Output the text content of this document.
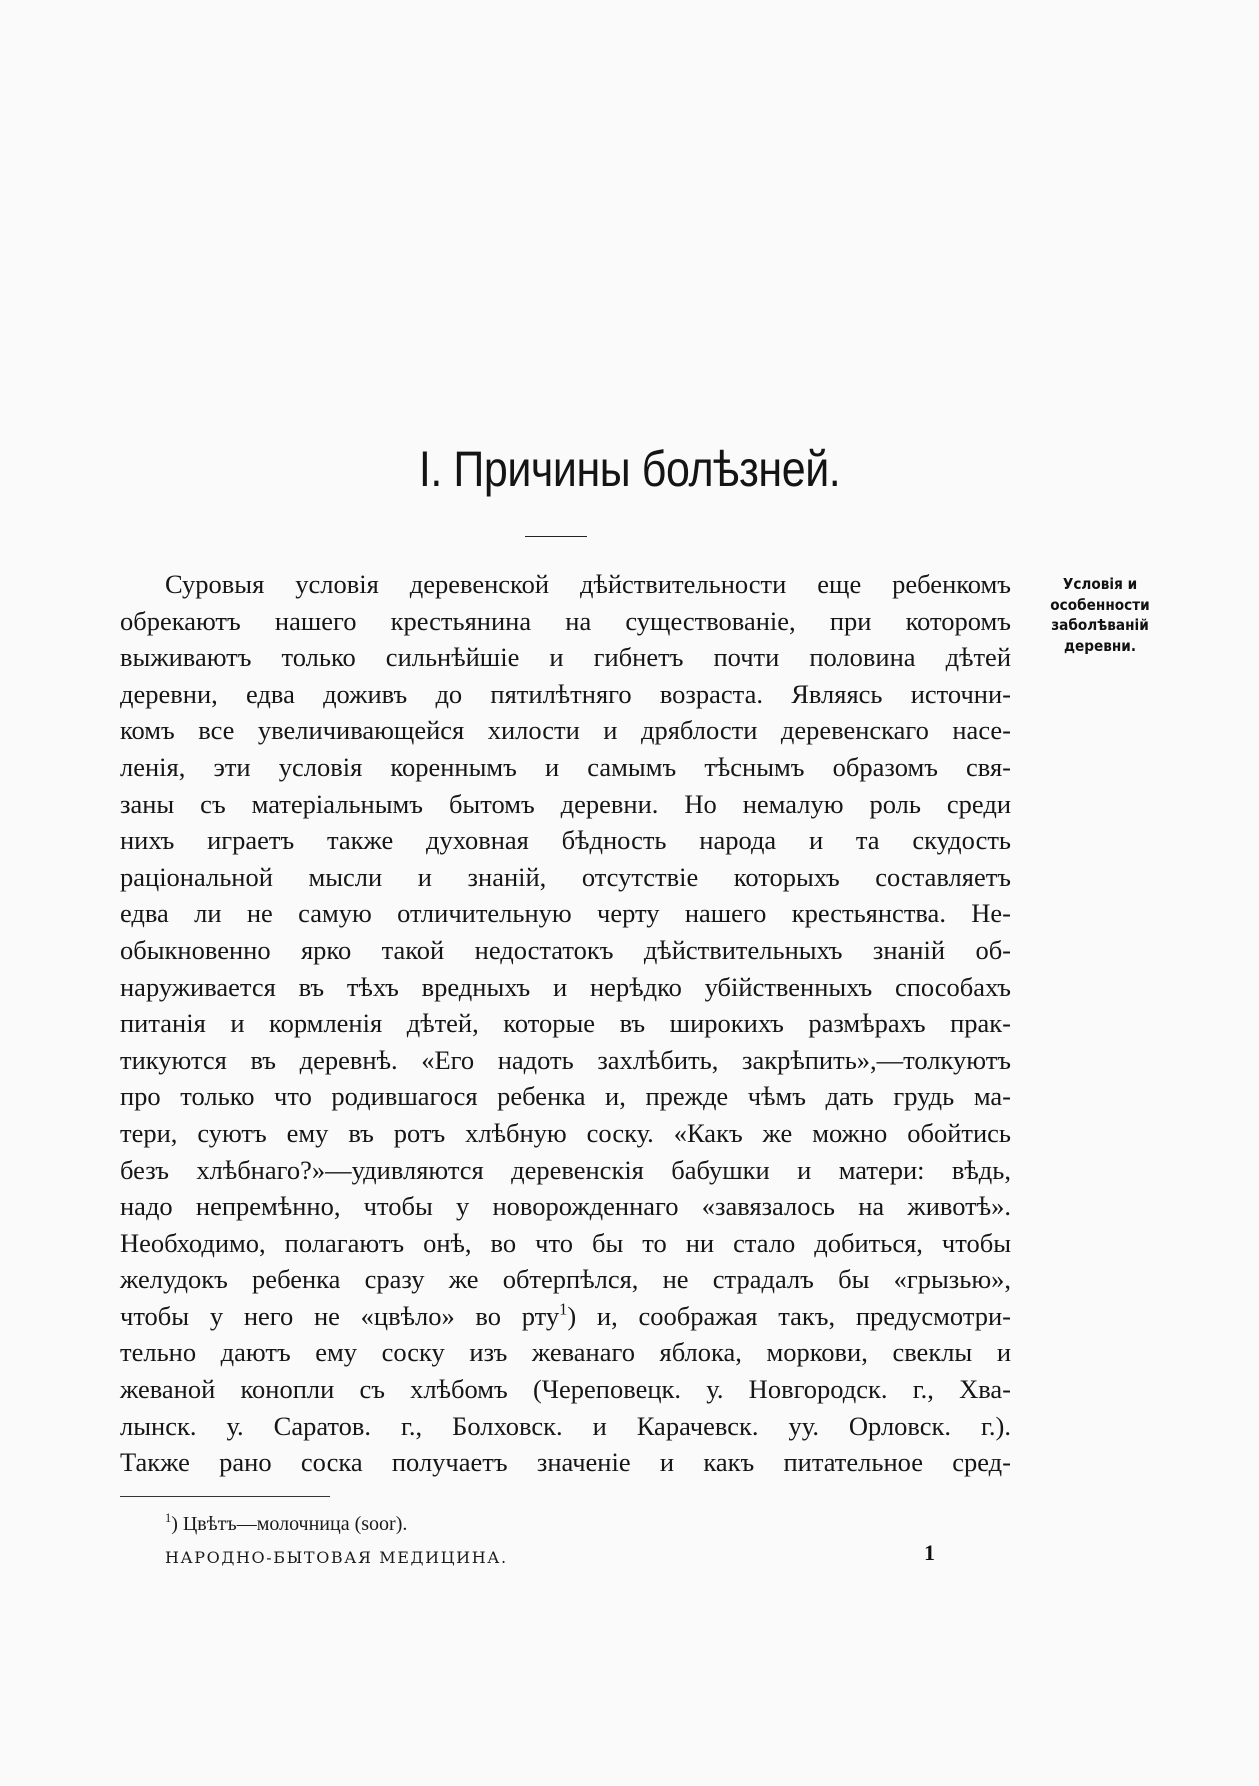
I. Причины болѣзней.
Условія и
особенности
заболѣваній
деревни.
Суровыя условія деревенской дѣйствительности еще ребенкомъ
обрекаютъ нашего крестьянина на существованіе, при которомъ
выживаютъ только сильнѣйшіе и гибнетъ почти половина дѣтей
деревни, едва доживъ до пятилѣтняго возраста. Являясь источни-
комъ все увеличивающейся хилости и дряблости деревенскаго насе-
ленія, эти условія кореннымъ и самымъ тѣснымъ образомъ свя-
заны съ матеріальнымъ бытомъ деревни. Но немалую роль среди
нихъ играетъ также духовная бѣдность народа и та скудость
раціональной мысли и знаній, отсутствіе которыхъ составляетъ
едва ли не самую отличительную черту нашего крестьянства. Не-
обыкновенно ярко такой недостатокъ дѣйствительныхъ знаній об-
наруживается въ тѣхъ вредныхъ и нерѣдко убійственныхъ способахъ
питанія и кормленія дѣтей, которые въ широкихъ размѣрахъ прак-
тикуются въ деревнѣ. «Его надоть захлѣбить, закрѣпить»,—толкуютъ
про только что родившагося ребенка и, прежде чѣмъ дать грудь ма-
тери, суютъ ему въ ротъ хлѣбную соску. «Какъ же можно обойтись
безъ хлѣбнаго?»—удивляются деревенскія бабушки и матери: вѣдь,
надо непремѣнно, чтобы у новорожденнаго «завязалось на животѣ».
Необходимо, полагаютъ онѣ, во что бы то ни стало добиться, чтобы
желудокъ ребенка сразу же обтерпѣлся, не страдалъ бы «грызью»,
чтобы у него не «цвѣло» во рту$^1$) и, соображая такъ, предусмотри-
тельно даютъ ему соску изъ жеванаго яблока, моркови, свеклы и
жеваной конопли съ хлѣбомъ (Череповецк. у. Новгородск. г., Хва-
лынск. у. Саратов. г., Болховск. и Карачевск. уу. Орловск. г.).
Также рано соска получаетъ значеніе и какъ питательное сред-
$^1$) Цвѣтъ—молочница (soor).
НАРОДНО-БЫТОВАЯ МЕДИЦИНА.	1
